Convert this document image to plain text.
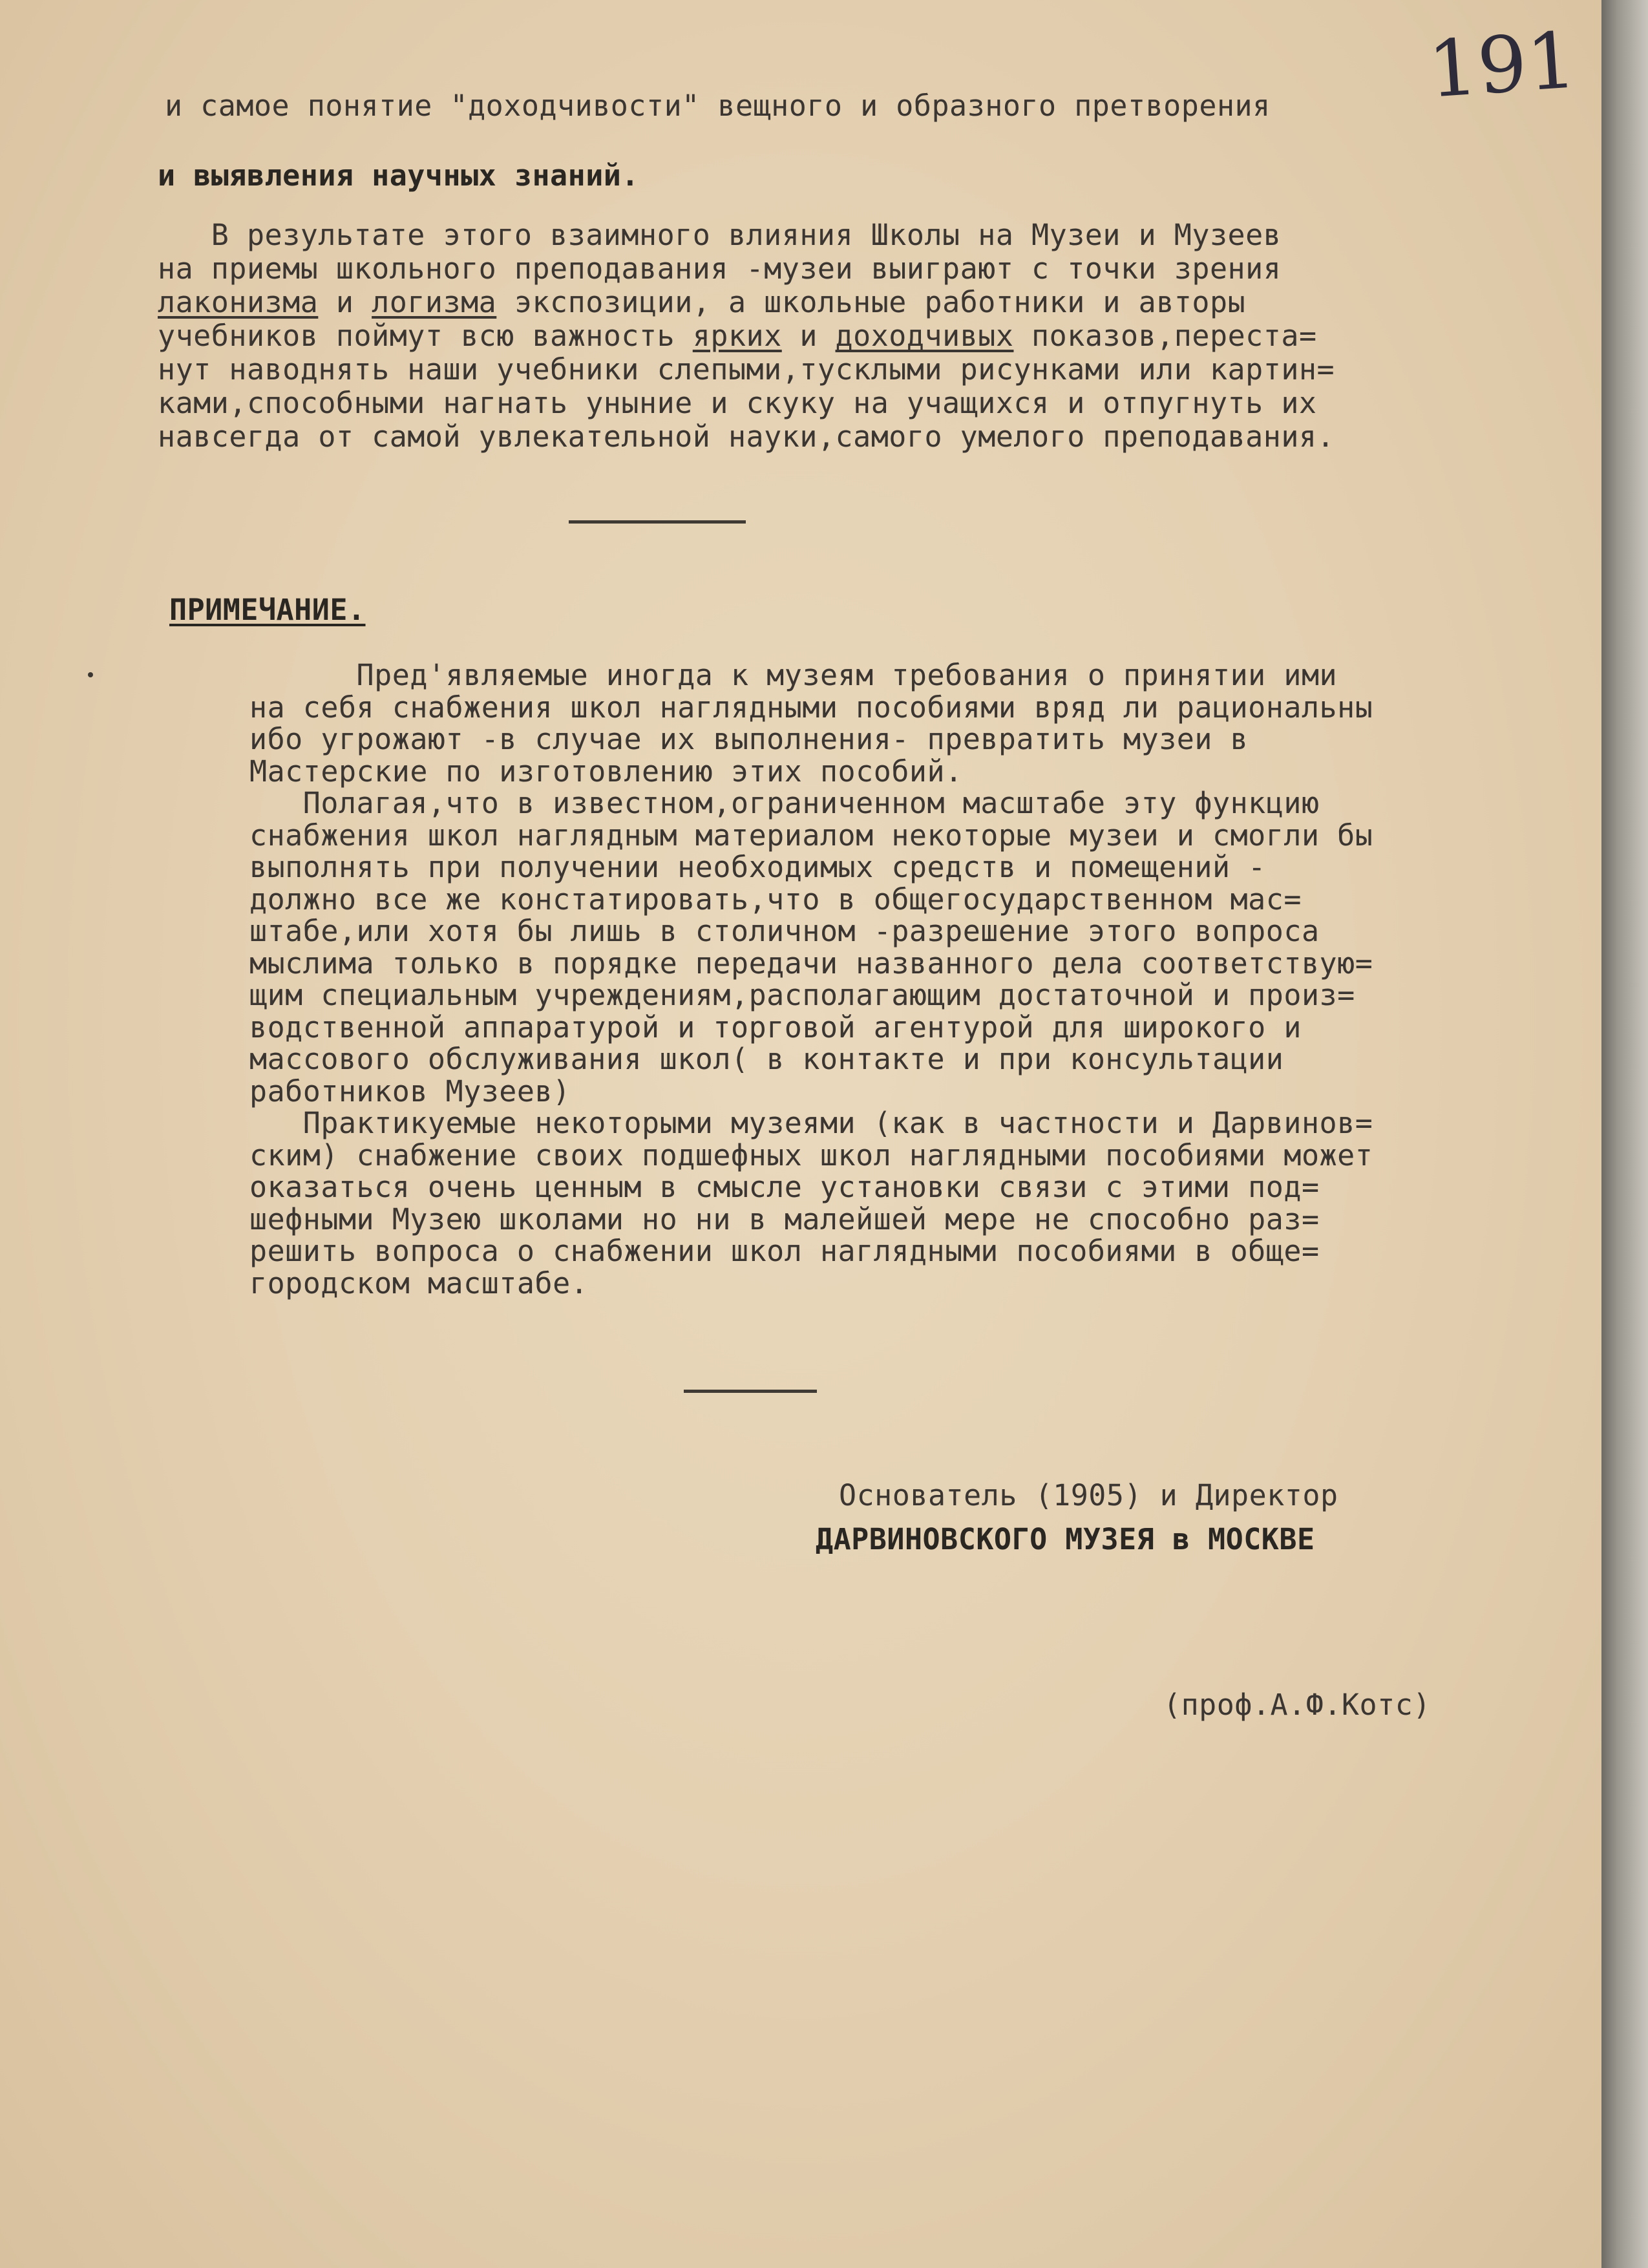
191

и самое понятие "доходчивости" вещного и образного претворения

и выявления научных знаний.

В результате этого взаимного влияния Школы на Музеи и Музеев

на приемы школьного преподавания -музеи выиграют с точки зрения

лаконизма и логизма экспозиции, а школьные работники и авторы

учебников поймут всю важность ярких и доходчивых показов,переста=

нут наводнять наши учебники слепыми,тусклыми рисунками или картин=

ками,способными нагнать уныние и скуку на учащихся и отпугнуть их

навсегда от самой увлекательной науки,самого умелого преподавания.

ПРИМЕЧАНИЕ.

Пред'являемые иногда к музеям требования о принятии ими

на себя снабжения школ наглядными пособиями вряд ли рациональны

ибо угрожают -в случае их выполнения- превратить музеи в

Мастерские по изготовлению этих пособий.

Полагая,что в известном,ограниченном масштабе эту функцию

снабжения школ наглядным материалом некоторые музеи и смогли бы

выполнять при получении необходимых средств и помещений -

должно все же констатировать,что в общегосударственном мас=

штабе,или хотя бы лишь в столичном -разрешение этого вопроса

мыслима только в порядке передачи названного дела соответствую=

щим специальным учреждениям,располагающим достаточной и произ=

водственной аппаратурой и торговой агентурой для широкого и

массового обслуживания школ( в контакте и при консультации

работников Музеев)

Практикуемые некоторыми музеями (как в частности и Дарвинов=

ским) снабжение своих подшефных школ наглядными пособиями может

оказаться очень ценным в смысле установки связи с этими под=

шефными Музею школами но ни в малейшей мере не способно раз=

решить вопроса о снабжении школ наглядными пособиями в обще=

городском масштабе.

Основатель (1905) и Директор

ДАРВИНОВСКОГО МУЗЕЯ в МОСКВЕ

(проф.А.Ф.Котс)
